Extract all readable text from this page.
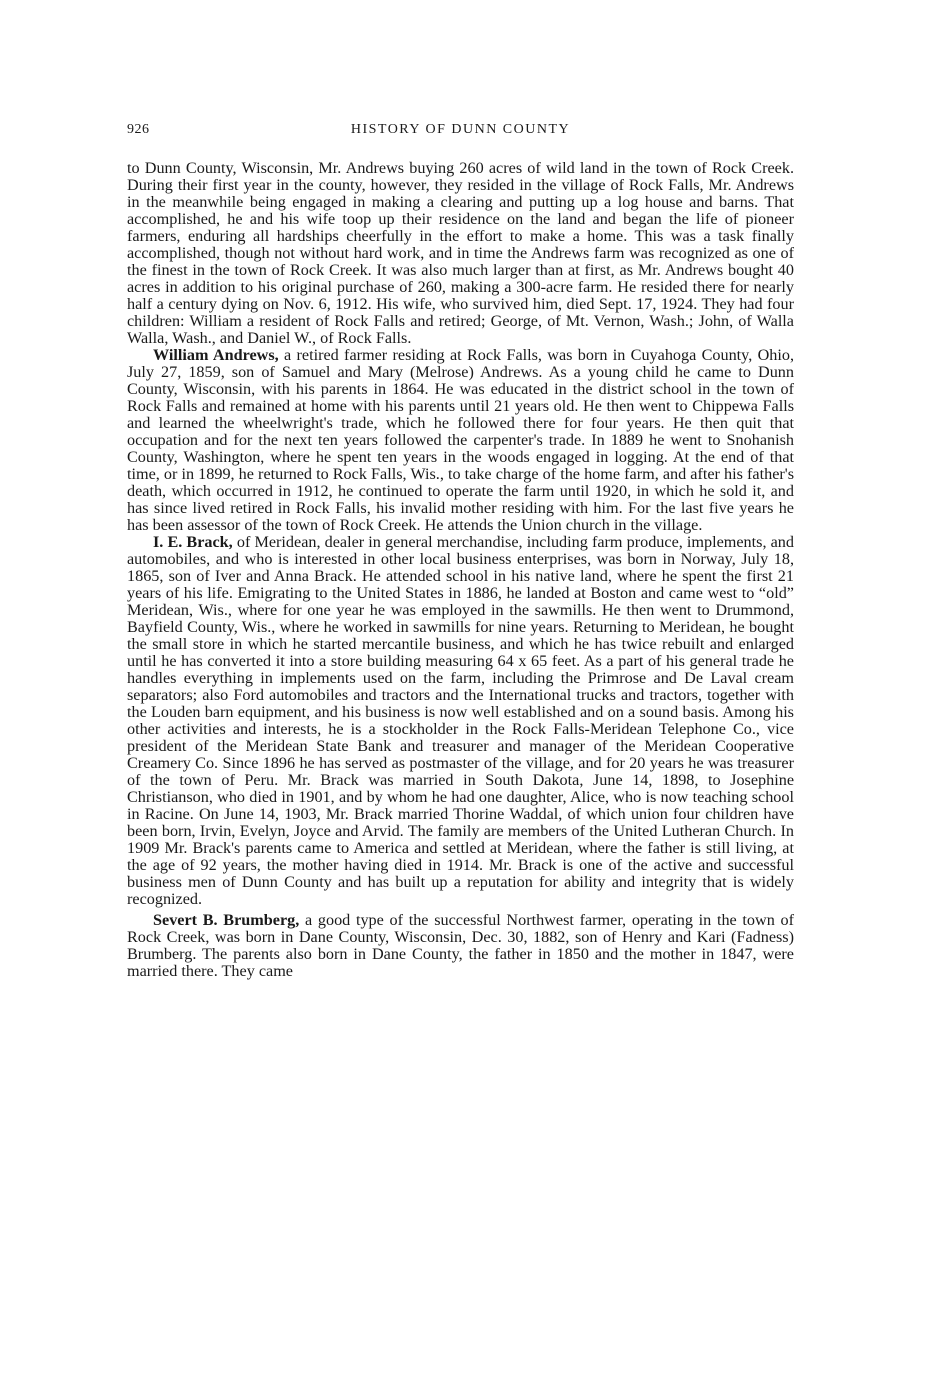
926	HISTORY OF DUNN COUNTY

to Dunn County, Wisconsin, Mr. Andrews buying 260 acres of wild land in the town of Rock Creek. During their first year in the county, however, they resided in the village of Rock Falls, Mr. Andrews in the meanwhile being engaged in making a clearing and putting up a log house and barns. That accomplished, he and his wife toop up their residence on the land and began the life of pioneer farmers, enduring all hardships cheerfully in the effort to make a home. This was a task finally accomplished, though not without hard work, and in time the Andrews farm was recognized as one of the finest in the town of Rock Creek. It was also much larger than at first, as Mr. Andrews bought 40 acres in addition to his original purchase of 260, making a 300-acre farm. He resided there for nearly half a century dying on Nov. 6, 1912. His wife, who survived him, died Sept. 17, 1924. They had four children: William a resident of Rock Falls and retired; George, of Mt. Vernon, Wash.; John, of Walla Walla, Wash., and Daniel W., of Rock Falls.

William Andrews, a retired farmer residing at Rock Falls, was born in Cuyahoga County, Ohio, July 27, 1859, son of Samuel and Mary (Melrose) Andrews. As a young child he came to Dunn County, Wisconsin, with his parents in 1864. He was educated in the district school in the town of Rock Falls and remained at home with his parents until 21 years old. He then went to Chippewa Falls and learned the wheelwright's trade, which he followed there for four years. He then quit that occupation and for the next ten years followed the carpenter's trade. In 1889 he went to Snohanish County, Washington, where he spent ten years in the woods engaged in logging. At the end of that time, or in 1899, he returned to Rock Falls, Wis., to take charge of the home farm, and after his father's death, which occurred in 1912, he continued to operate the farm until 1920, in which he sold it, and has since lived retired in Rock Falls, his invalid mother residing with him. For the last five years he has been assessor of the town of Rock Creek. He attends the Union church in the village.

I. E. Brack, of Meridean, dealer in general merchandise, including farm produce, implements, and automobiles, and who is interested in other local business enterprises, was born in Norway, July 18, 1865, son of Iver and Anna Brack. He attended school in his native land, where he spent the first 21 years of his life. Emigrating to the United States in 1886, he landed at Boston and came west to “old” Meridean, Wis., where for one year he was employed in the sawmills. He then went to Drummond, Bayfield County, Wis., where he worked in sawmills for nine years. Returning to Meridean, he bought the small store in which he started mercantile business, and which he has twice rebuilt and enlarged until he has converted it into a store building measuring 64 x 65 feet. As a part of his general trade he handles everything in implements used on the farm, including the Primrose and De Laval cream separators; also Ford automobiles and tractors and the International trucks and tractors, together with the Louden barn equipment, and his business is now well established and on a sound basis. Among his other activities and interests, he is a stockholder in the Rock Falls-Meridean Telephone Co., vice president of the Meridean State Bank and treasurer and manager of the Meridean Cooperative Creamery Co. Since 1896 he has served as postmaster of the village, and for 20 years he was treasurer of the town of Peru. Mr. Brack was married in South Dakota, June 14, 1898, to Josephine Christianson, who died in 1901, and by whom he had one daughter, Alice, who is now teaching school in Racine. On June 14, 1903, Mr. Brack married Thorine Waddal, of which union four children have been born, Irvin, Evelyn, Joyce and Arvid. The family are members of the United Lutheran Church. In 1909 Mr. Brack's parents came to America and settled at Meridean, where the father is still living, at the age of 92 years, the mother having died in 1914. Mr. Brack is one of the active and successful business men of Dunn County and has built up a reputation for ability and integrity that is widely recognized.

Severt B. Brumberg, a good type of the successful Northwest farmer, operating in the town of Rock Creek, was born in Dane County, Wisconsin, Dec. 30, 1882, son of Henry and Kari (Fadness) Brumberg. The parents also born in Dane County, the father in 1850 and the mother in 1847, were married there. They came
